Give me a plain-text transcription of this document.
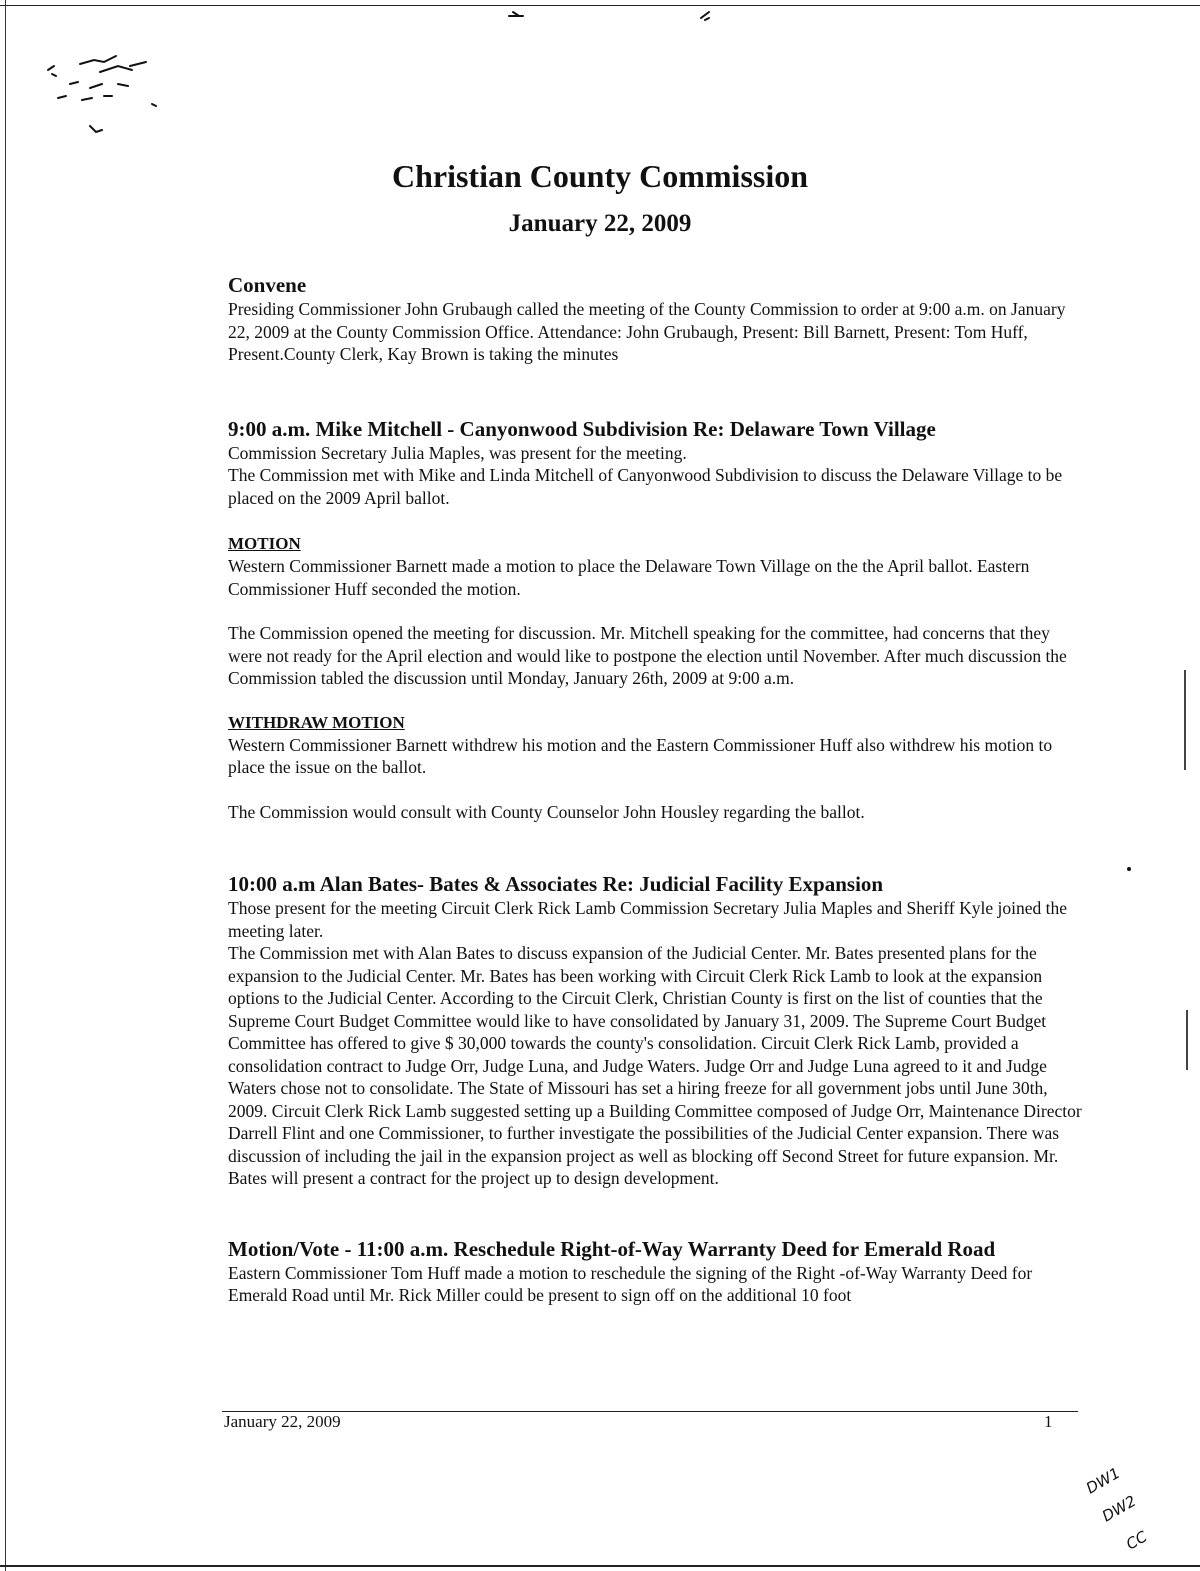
Christian County Commission
January 22, 2009
Convene

Presiding Commissioner John Grubaugh called the meeting of the County Commission to order at 9:00 a.m. on January 22, 2009 at the County Commission Office. Attendance: John Grubaugh, Present: Bill Barnett, Present: Tom Huff, Present.County Clerk, Kay Brown is taking the minutes

9:00 a.m. Mike Mitchell - Canyonwood Subdivision Re: Delaware Town Village

Commission Secretary Julia Maples, was present for the meeting.

The Commission met with Mike and Linda Mitchell of Canyonwood Subdivision to discuss the Delaware Village to be placed on the 2009 April ballot.

MOTION

Western Commissioner Barnett made a motion to place the Delaware Town Village on the the April ballot. Eastern Commissioner Huff seconded the motion.

The Commission opened the meeting for discussion. Mr. Mitchell speaking for the committee, had concerns that they were not ready for the April election and would like to postpone the election until November. After much discussion the Commission tabled the discussion until Monday, January 26th, 2009 at 9:00 a.m.

WITHDRAW MOTION

Western Commissioner Barnett withdrew his motion and the Eastern Commissioner Huff also withdrew his motion to place the issue on the ballot.

The Commission would consult with County Counselor John Housley regarding the ballot.

10:00 a.m Alan Bates- Bates & Associates Re: Judicial Facility Expansion

Those present for the meeting Circuit Clerk Rick Lamb Commission Secretary Julia Maples and Sheriff Kyle joined the meeting later.

The Commission met with Alan Bates to discuss expansion of the Judicial Center. Mr. Bates presented plans for the expansion to the Judicial Center. Mr. Bates has been working with Circuit Clerk Rick Lamb to look at the expansion options to the Judicial Center. According to the Circuit Clerk, Christian County is first on the list of counties that the Supreme Court Budget Committee would like to have consolidated by January 31, 2009. The Supreme Court Budget Committee has offered to give $ 30,000 towards the county's consolidation. Circuit Clerk Rick Lamb, provided a consolidation contract to Judge Orr, Judge Luna, and Judge Waters. Judge Orr and Judge Luna agreed to it and Judge Waters chose not to consolidate. The State of Missouri has set a hiring freeze for all government jobs until June 30th, 2009. Circuit Clerk Rick Lamb suggested setting up a Building Committee composed of Judge Orr, Maintenance Director Darrell Flint and one Commissioner, to further investigate the possibilities of the Judicial Center expansion. There was discussion of including the jail in the expansion project as well as blocking off Second Street for future expansion. Mr. Bates will present a contract for the project up to design development.

Motion/Vote - 11:00 a.m. Reschedule Right-of-Way Warranty Deed for Emerald Road

Eastern Commissioner Tom Huff made a motion to reschedule the signing of the Right -of-Way Warranty Deed for Emerald Road until Mr. Rick Miller could be present to sign off on the additional 10 foot

January 22, 2009	1
DW1
DW2
CC
